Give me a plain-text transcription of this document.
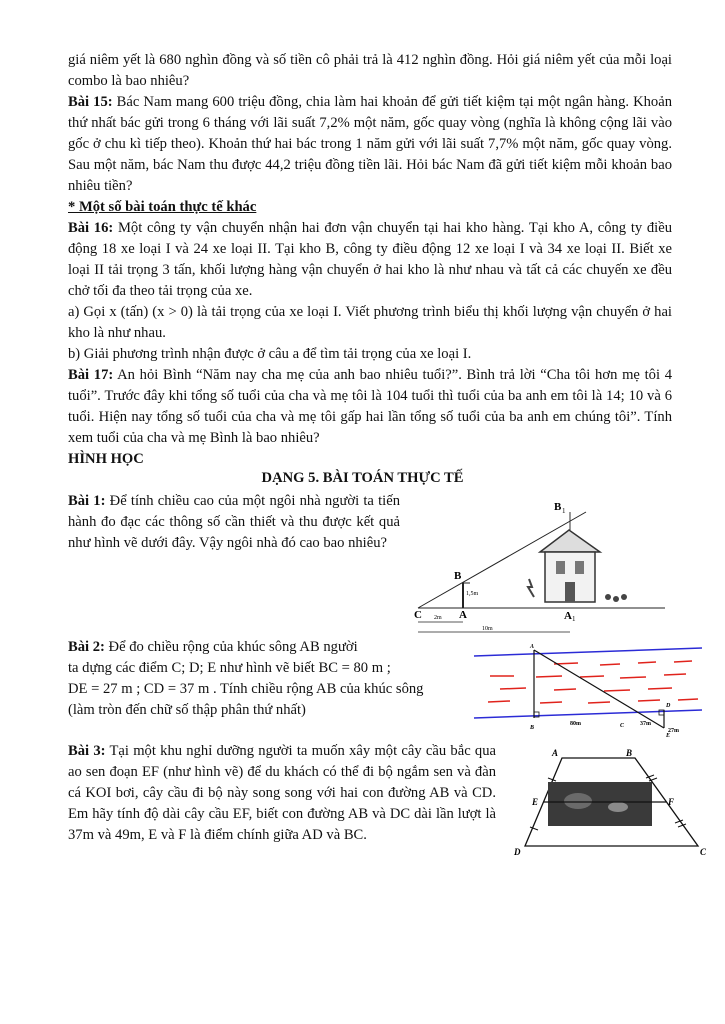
giá niêm yết là 680 nghìn đồng và số tiền cô phải trả là 412 nghìn đồng. Hỏi giá niêm yết của mỗi loại combo là bao nhiêu?

Bài 15: Bác Nam mang 600 triệu đồng, chia làm hai khoản để gửi tiết kiệm tại một ngân hàng. Khoản thứ nhất bác gửi trong 6 tháng với lãi suất 7,2% một năm, gốc quay vòng (nghĩa là không cộng lãi vào gốc ở chu kì tiếp theo). Khoản thứ hai bác trong 1 năm gửi với lãi suất 7,7% một năm, gốc quay vòng. Sau một năm, bác Nam thu được 44,2 triệu đồng tiền lãi. Hỏi bác Nam đã gửi tiết kiệm mỗi khoản bao nhiêu tiền?

* Một số bài toán thực tế khác

Bài 16: Một công ty vận chuyển nhận hai đơn vận chuyển tại hai kho hàng. Tại kho A, công ty điều động 18 xe loại I và 24 xe loại II. Tại kho B, công ty điều động 12 xe loại I và 34 xe loại II. Biết xe loại II tải trọng 3 tấn, khối lượng hàng vận chuyển ở hai kho là như nhau và tất cả các chuyến xe đều chở tối đa theo tải trọng của xe.

a) Gọi x (tấn) (x > 0) là tải trọng của xe loại I. Viết phương trình biểu thị khối lượng vận chuyển ở hai kho là như nhau.

b) Giải phương trình nhận được ở câu a để tìm tải trọng của xe loại I.

Bài 17: An hỏi Bình “Năm nay cha mẹ của anh bao nhiêu tuổi?”. Bình trả lời “Cha tôi hơn mẹ tôi 4 tuổi”. Trước đây khi tổng số tuổi của cha và mẹ tôi là 104 tuổi thì tuổi của ba anh em tôi là 14; 10 và 6 tuổi. Hiện nay tổng số tuổi của cha và mẹ tôi gấp hai lần tổng số tuổi của ba anh em chúng tôi”. Tính xem tuổi của cha và mẹ Bình là bao nhiêu?

HÌNH HỌC

DẠNG 5. BÀI TOÁN THỰC TẾ

Bài 1: Để tính chiều cao của một ngôi nhà người ta tiến hành đo đạc các thông số cần thiết và thu được kết quả như hình vẽ dưới đây. Vậy ngôi nhà đó cao bao nhiêu?

B 1
B
1,5m
C	A	A 1
2m
10m
Bài 2: Để đo chiều rộng của khúc sông AB người
ta dựng các điểm C; D; E như hình vẽ biết BC = 80 m ;
DE = 27 m ; CD = 37 m . Tính chiều rộng AB của khúc sông
(làm tròn đến chữ số thập phân thứ nhất)
A
B	C
D
E
80m	37m
27m

Bài 3: Tại một khu nghỉ dưỡng người ta muốn xây một cây cầu bắc qua ao sen đoạn EF (như hình vẽ) để du khách có thể đi bộ ngắm sen và đàn cá KOI bơi, cây cầu đi bộ này song song với hai con đường AB và CD. Em hãy tính độ dài cây cầu EF, biết con đường AB và DC dài lần lượt là 37m và 49m, E và F là điểm chính giữa AD và BC.

A	B
C
D
E	F
